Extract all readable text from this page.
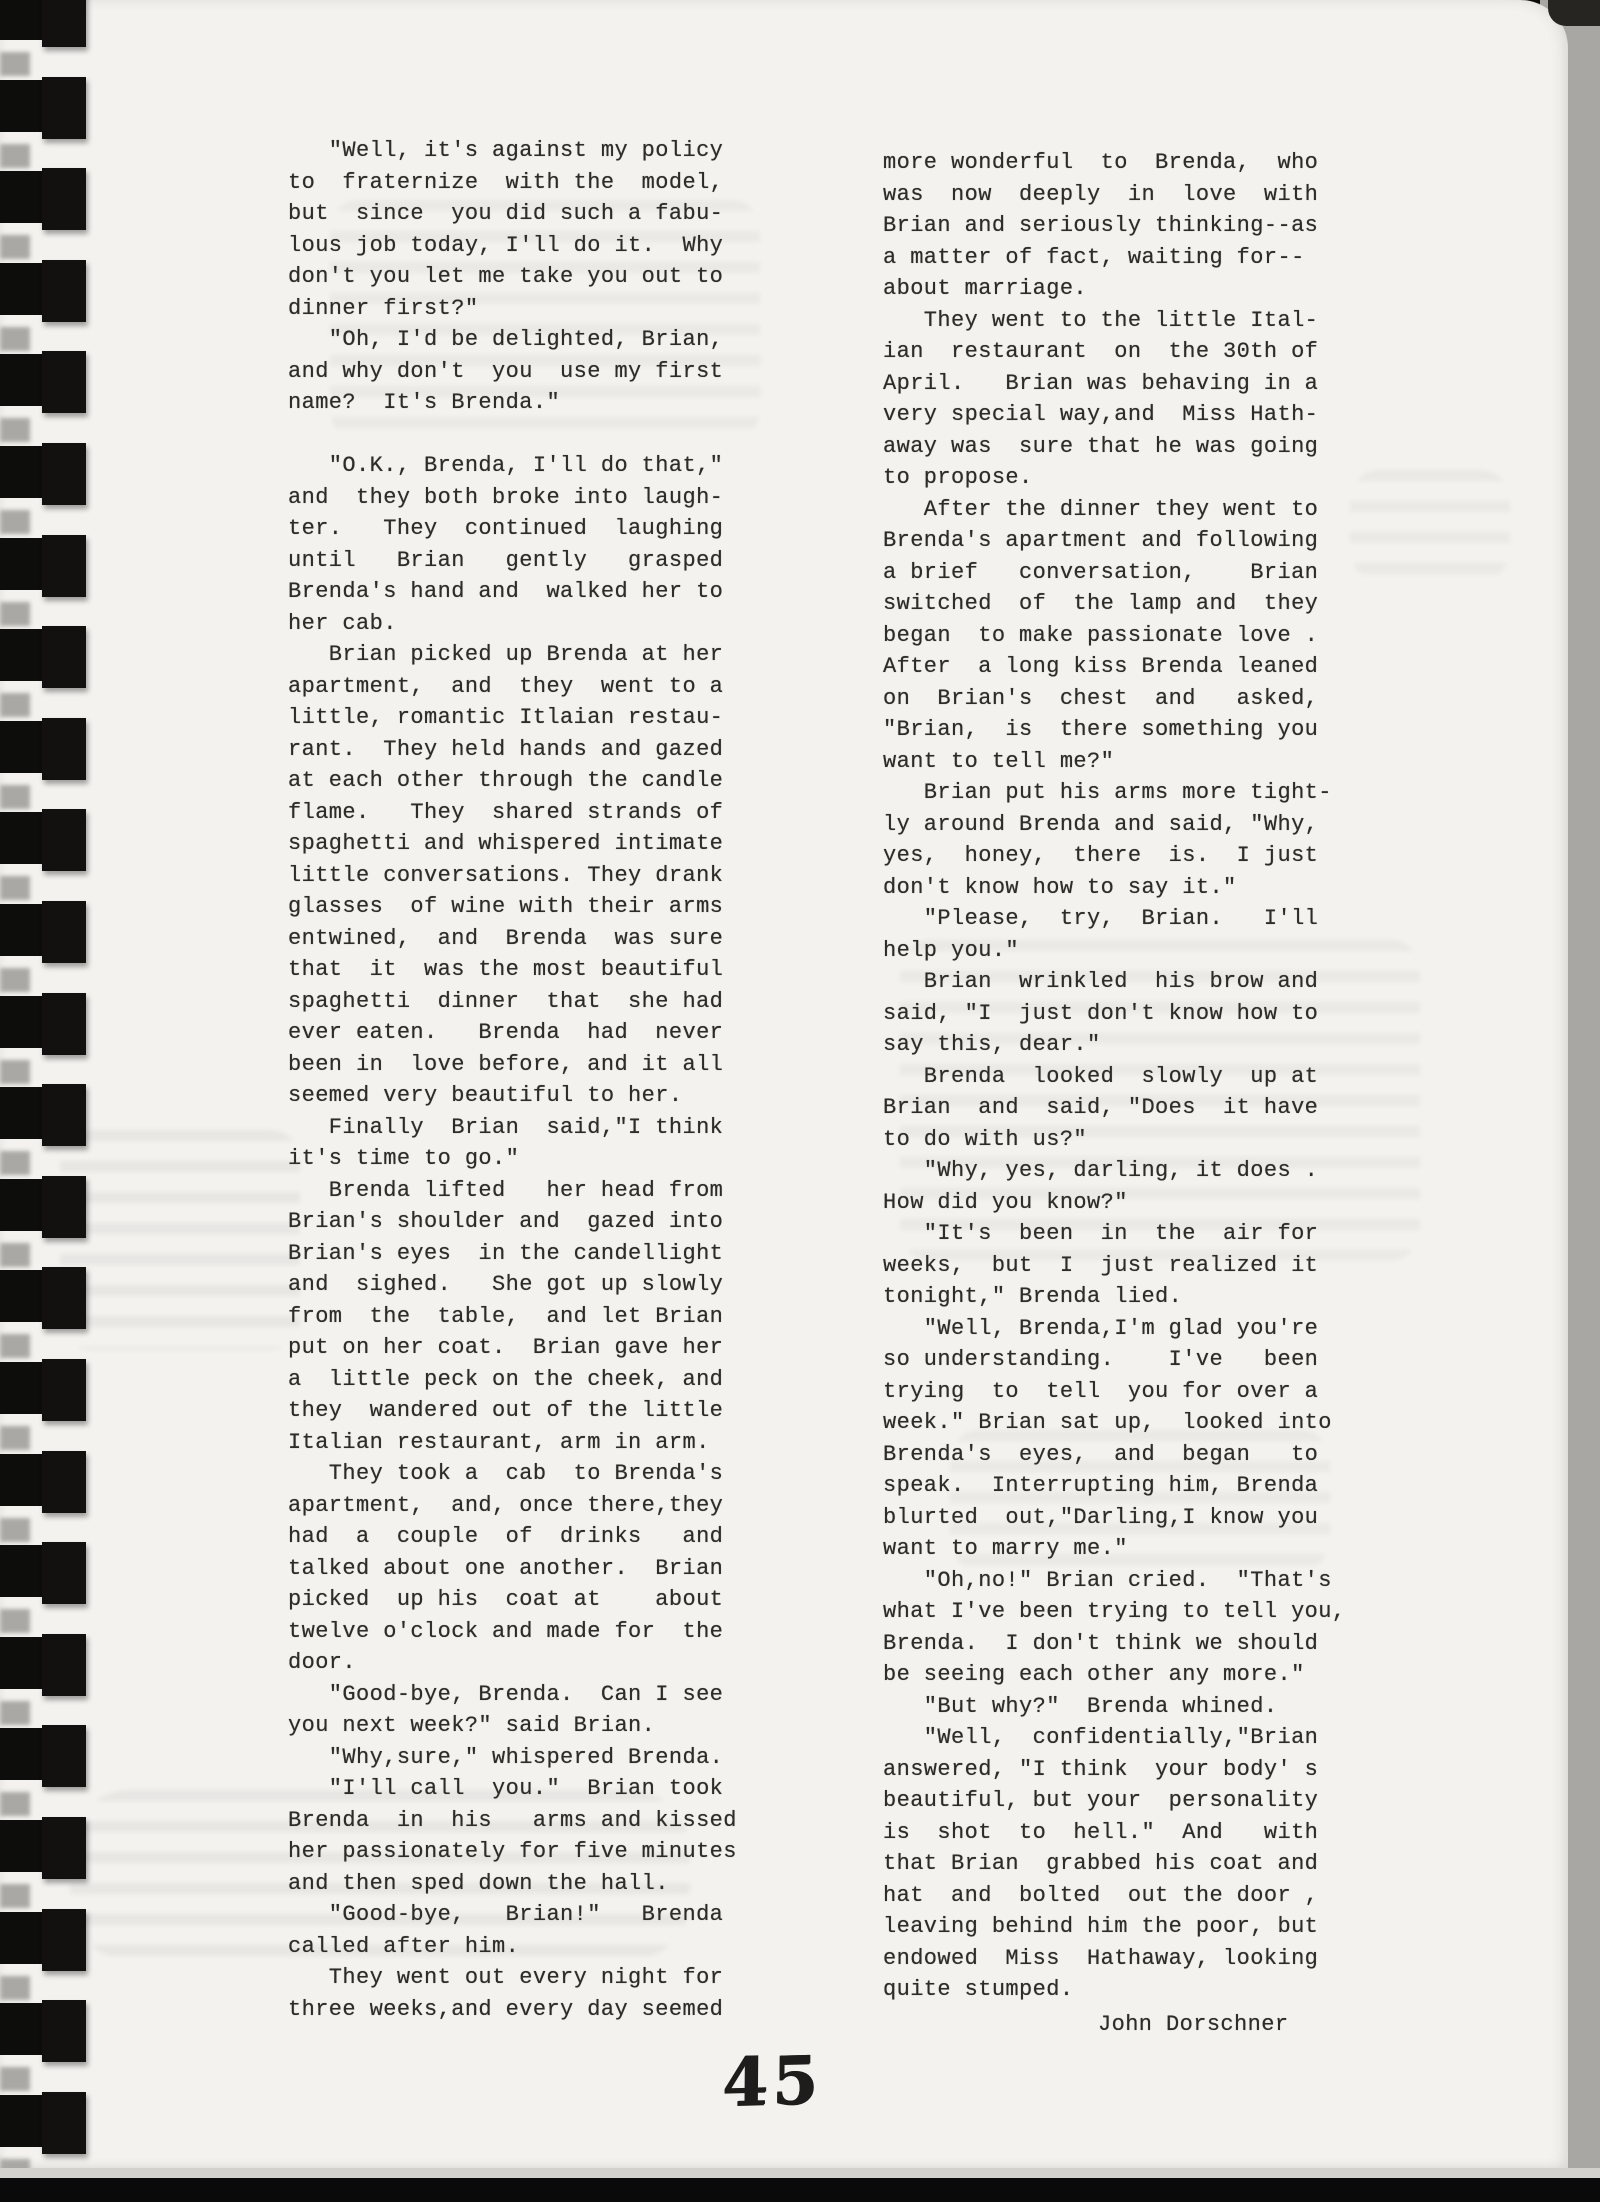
"Well, it's against my policy
to  fraternize  with the  model,
but  since  you did such a fabu-
lous job today, I'll do it.  Why
don't you let me take you out to
dinner first?"
"Oh, I'd be delighted, Brian,
and why don't  you  use my first
name?  It's Brenda."

"O.K., Brenda, I'll do that,"
and  they both broke into laugh-
ter.   They  continued  laughing
until   Brian   gently   grasped
Brenda's hand and  walked her to
her cab.
Brian picked up Brenda at her
apartment,  and  they  went to a
little, romantic Itlaian restau-
rant.  They held hands and gazed
at each other through the candle
flame.   They  shared strands of
spaghetti and whispered intimate
little conversations. They drank
glasses  of wine with their arms
entwined,  and  Brenda  was sure
that  it  was the most beautiful
spaghetti  dinner  that  she had
ever eaten.   Brenda  had  never
been in  love before, and it all
seemed very beautiful to her.
Finally  Brian  said,"I think
it's time to go."
Brenda lifted   her head from
Brian's shoulder and  gazed into
Brian's eyes  in the candellight
and  sighed.   She got up slowly
from  the  table,  and let Brian
put on her coat.  Brian gave her
a  little peck on the cheek, and
they  wandered out of the little
Italian restaurant, arm in arm.
They took a  cab  to Brenda's
apartment,  and, once there,they
had  a  couple  of  drinks   and
talked about one another.  Brian
picked  up his  coat at    about
twelve o'clock and made for  the
door.
"Good-bye, Brenda.  Can I see
you next week?" said Brian.
"Why,sure," whispered Brenda.
"I'll call  you."  Brian took
Brenda  in  his   arms and kissed
her passionately for five minutes
and then sped down the hall.
"Good-bye,   Brian!"   Brenda
called after him.
They went out every night for
three weeks,and every day seemed
more wonderful  to  Brenda,  who
was  now  deeply  in  love  with
Brian and seriously thinking--as
a matter of fact, waiting for--
about marriage.
They went to the little Ital-
ian  restaurant  on  the 30th of
April.   Brian was behaving in a
very special way,and  Miss Hath-
away was  sure that he was going
to propose.
After the dinner they went to
Brenda's apartment and following
a brief   conversation,    Brian
switched  of  the lamp and  they
began  to make passionate love .
After  a long kiss Brenda leaned
on  Brian's  chest  and   asked,
"Brian,  is  there something you
want to tell me?"
Brian put his arms more tight-
ly around Brenda and said, "Why,
yes,  honey,  there  is.  I just
don't know how to say it."
"Please,  try,  Brian.   I'll
help you."
Brian  wrinkled  his brow and
said, "I  just don't know how to
say this, dear."
Brenda  looked  slowly  up at
Brian  and  said, "Does  it have
to do with us?"
"Why, yes, darling, it does .
How did you know?"
"It's  been  in  the  air for
weeks,  but  I  just realized it
tonight," Brenda lied.
"Well, Brenda,I'm glad you're
so understanding.    I've   been
trying  to  tell  you for over a
week." Brian sat up,  looked into
Brenda's  eyes,  and  began   to
speak.  Interrupting him, Brenda
blurted  out,"Darling,I know you
want to marry me."
"Oh,no!" Brian cried.  "That's
what I've been trying to tell you,
Brenda.  I don't think we should
be seeing each other any more."
"But why?"  Brenda whined.
"Well,  confidentially,"Brian
answered, "I think  your body' s
beautiful, but your  personality
is  shot  to  hell."  And   with
that Brian  grabbed his coat and
hat  and  bolted  out the door ,
leaving behind him the poor, but
endowed  Miss  Hathaway, looking
quite stumped.
John Dorschner
45
